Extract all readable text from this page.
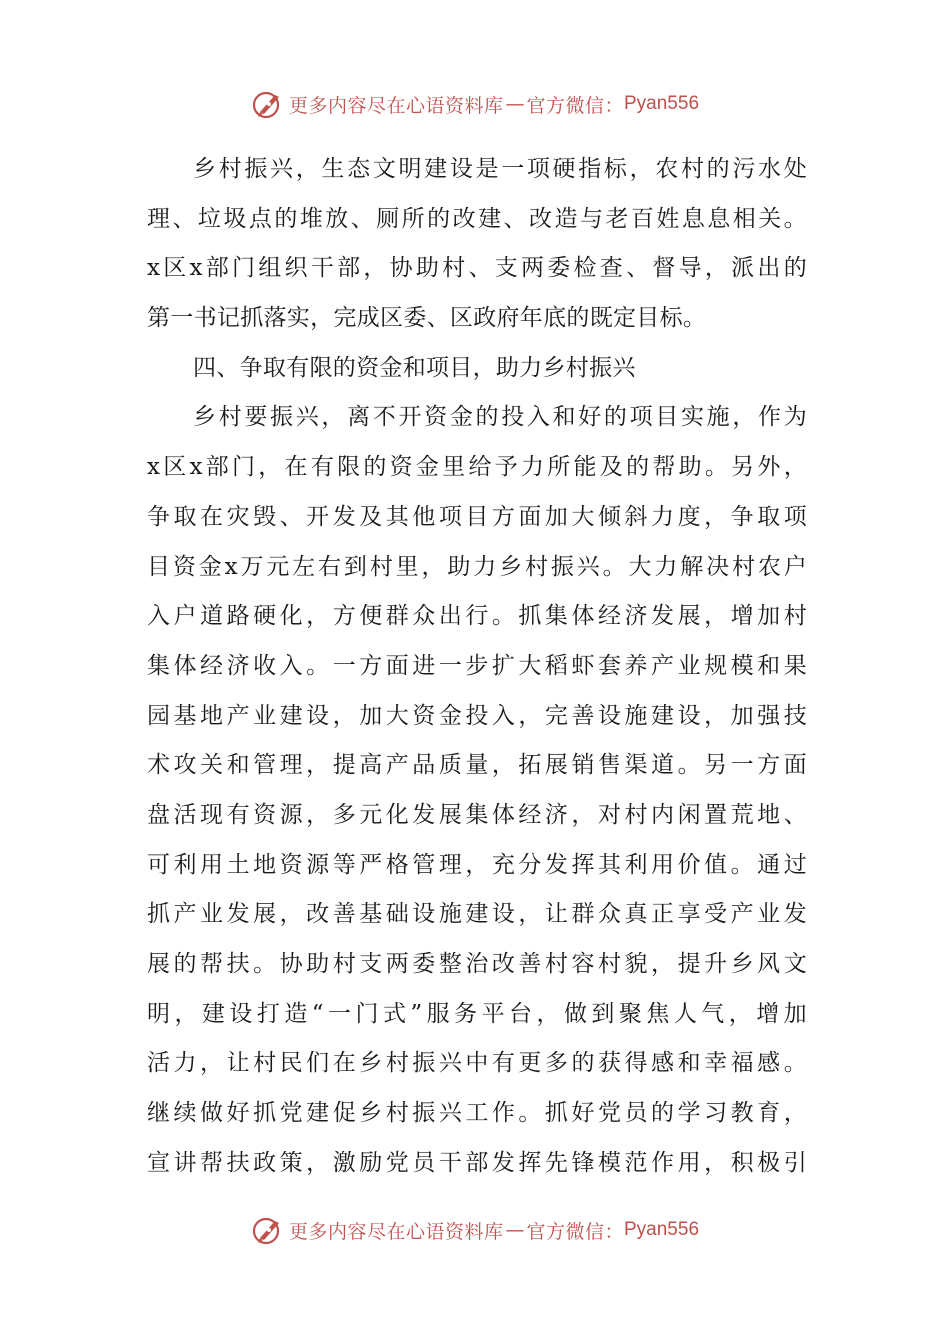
更多内容尽在心语资料库 — 官方微信： Pyan556
乡村振兴，生态文明建设是一项硬指标，农村的污水处
理、垃圾点的堆放、厕所的改建、改造与老百姓息息相关。
x区x部门组织干部，协助村、支两委检查、督导，派出的
第一书记抓落实，完成区委、区政府年底的既定目标。
四、争取有限的资金和项目，助力乡村振兴
乡村要振兴，离不开资金的投入和好的项目实施，作为
x区x部门，在有限的资金里给予力所能及的帮助。另外，
争取在灾毁、开发及其他项目方面加大倾斜力度，争取项
目资金x万元左右到村里，助力乡村振兴。大力解决村农户
入户道路硬化，方便群众出行。抓集体经济发展，增加村
集体经济收入。一方面进一步扩大稻虾套养产业规模和果
园基地产业建设，加大资金投入，完善设施建设，加强技
术攻关和管理，提高产品质量，拓展销售渠道。另一方面
盘活现有资源，多元化发展集体经济，对村内闲置荒地、
可利用土地资源等严格管理，充分发挥其利用价值。通过
抓产业发展，改善基础设施建设，让群众真正享受产业发
展的帮扶。协助村支两委整治改善村容村貌，提升乡风文
明，建设打造“一门式”服务平台，做到聚焦人气，增加
活力，让村民们在乡村振兴中有更多的获得感和幸福感。
继续做好抓党建促乡村振兴工作。抓好党员的学习教育，
宣讲帮扶政策，激励党员干部发挥先锋模范作用，积极引
更多内容尽在心语资料库 — 官方微信： Pyan556
